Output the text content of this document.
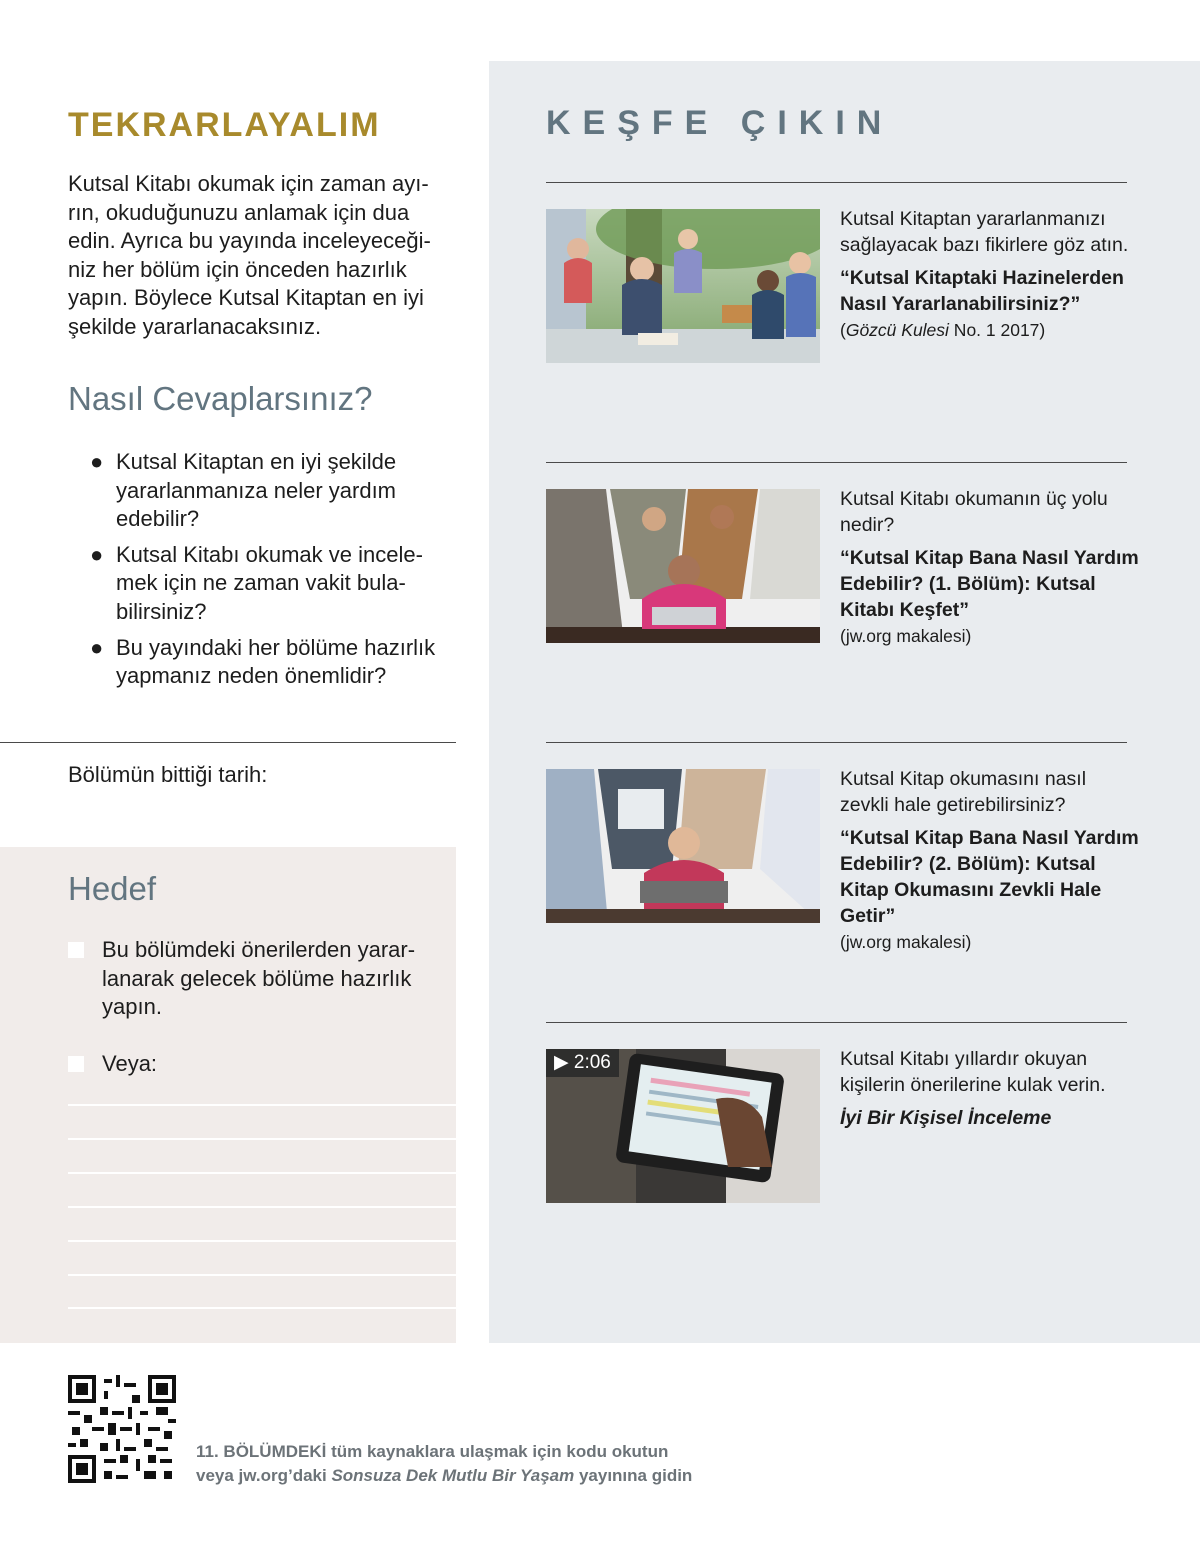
TEKRARLAYALIM

Kutsal Kitabı okumak için zaman ayı-rın, okuduğunuzu anlamak için dua edin. Ayrıca bu yayında inceleyeceği-niz her bölüm için önceden hazırlık yapın. Böylece Kutsal Kitaptan en iyi şekilde yararlanacaksınız.

Nasıl Cevaplarsınız?
● Kutsal Kitaptan en iyi şekilde yararlanmanıza neler yardım edebilir?
● Kutsal Kitabı okumak ve incele-mek için ne zaman vakit bula-bilirsiniz?
● Bu yayındaki her bölüme hazırlık yapmanız neden önemlidir?
Bölümün bittiği tarih:
Hedef
Bu bölümdeki önerilerden yarar-lanarak gelecek bölüme hazırlık yapın.
Veya:
KEŞFE ÇIKIN
Kutsal Kitaptan yararlanmanızı sağlayacak bazı fikirlere göz atın.
“Kutsal Kitaptaki Hazinelerden Nasıl Yararlanabilirsiniz?”
(Gözcü Kulesi No. 1 2017)
Kutsal Kitabı okumanın üç yolu nedir?
“Kutsal Kitap Bana Nasıl Yardım Edebilir? (1. Bölüm): Kutsal Kitabı Keşfet”
(jw.org makalesi)
Kutsal Kitap okumasını nasıl zevkli hale getirebilirsiniz?
“Kutsal Kitap Bana Nasıl Yardım Edebilir? (2. Bölüm): Kutsal Kitap Okumasını Zevkli Hale Getir”
(jw.org makalesi)
▶ 2:06	Kutsal Kitabı yıllardır okuyan kişilerin önerilerine kulak verin.
İyi Bir Kişisel İnceleme
11. BÖLÜMDEKİ tüm kaynaklara ulaşmak için kodu okutun
veya jw.org’daki Sonsuza Dek Mutlu Bir Yaşam yayınına gidin
